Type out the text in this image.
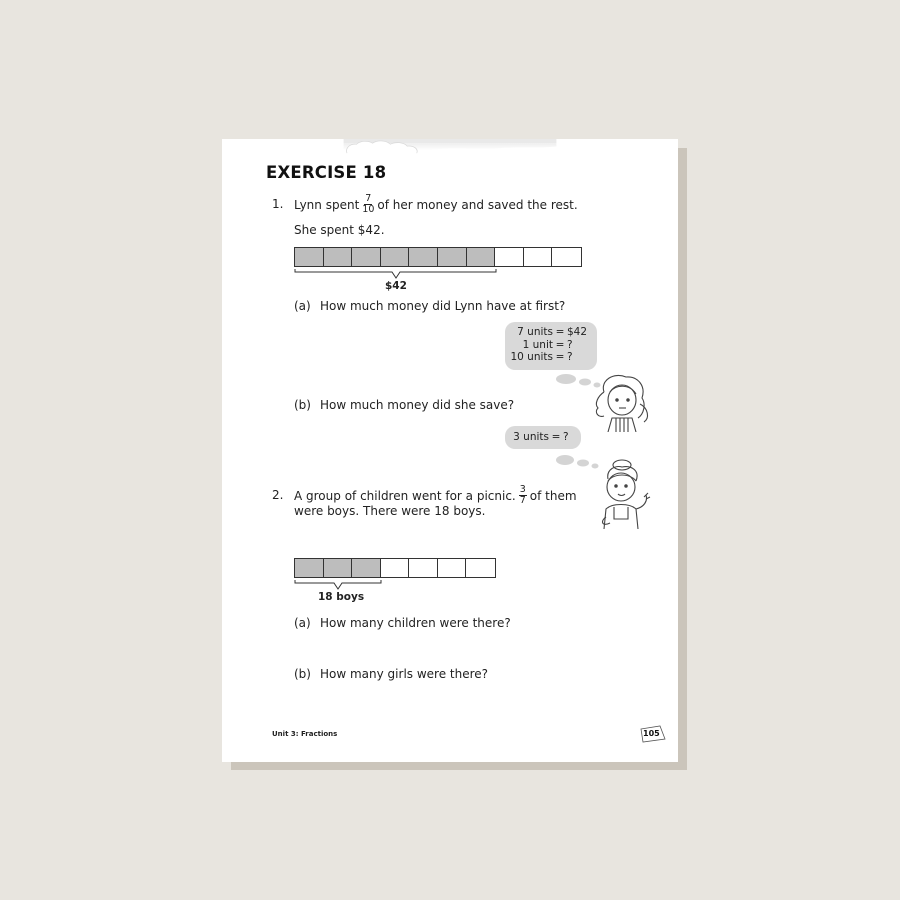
EXERCISE 18
1. Lynn spent $\frac{7}{10}$ of her money and saved the rest.
She spent $42.
$42
(a) How much money did Lynn have at first?
7 units = $42
1 unit = ?
10 units = ?
(b) How much money did she save?
3 units = ?
2. A group of children went for a picnic. $\frac{3}{7}$ of them
were boys. There were 18 boys.
18 boys
(a) How many children were there?
(b) How many girls were there?
Unit 3: Fractions	105
